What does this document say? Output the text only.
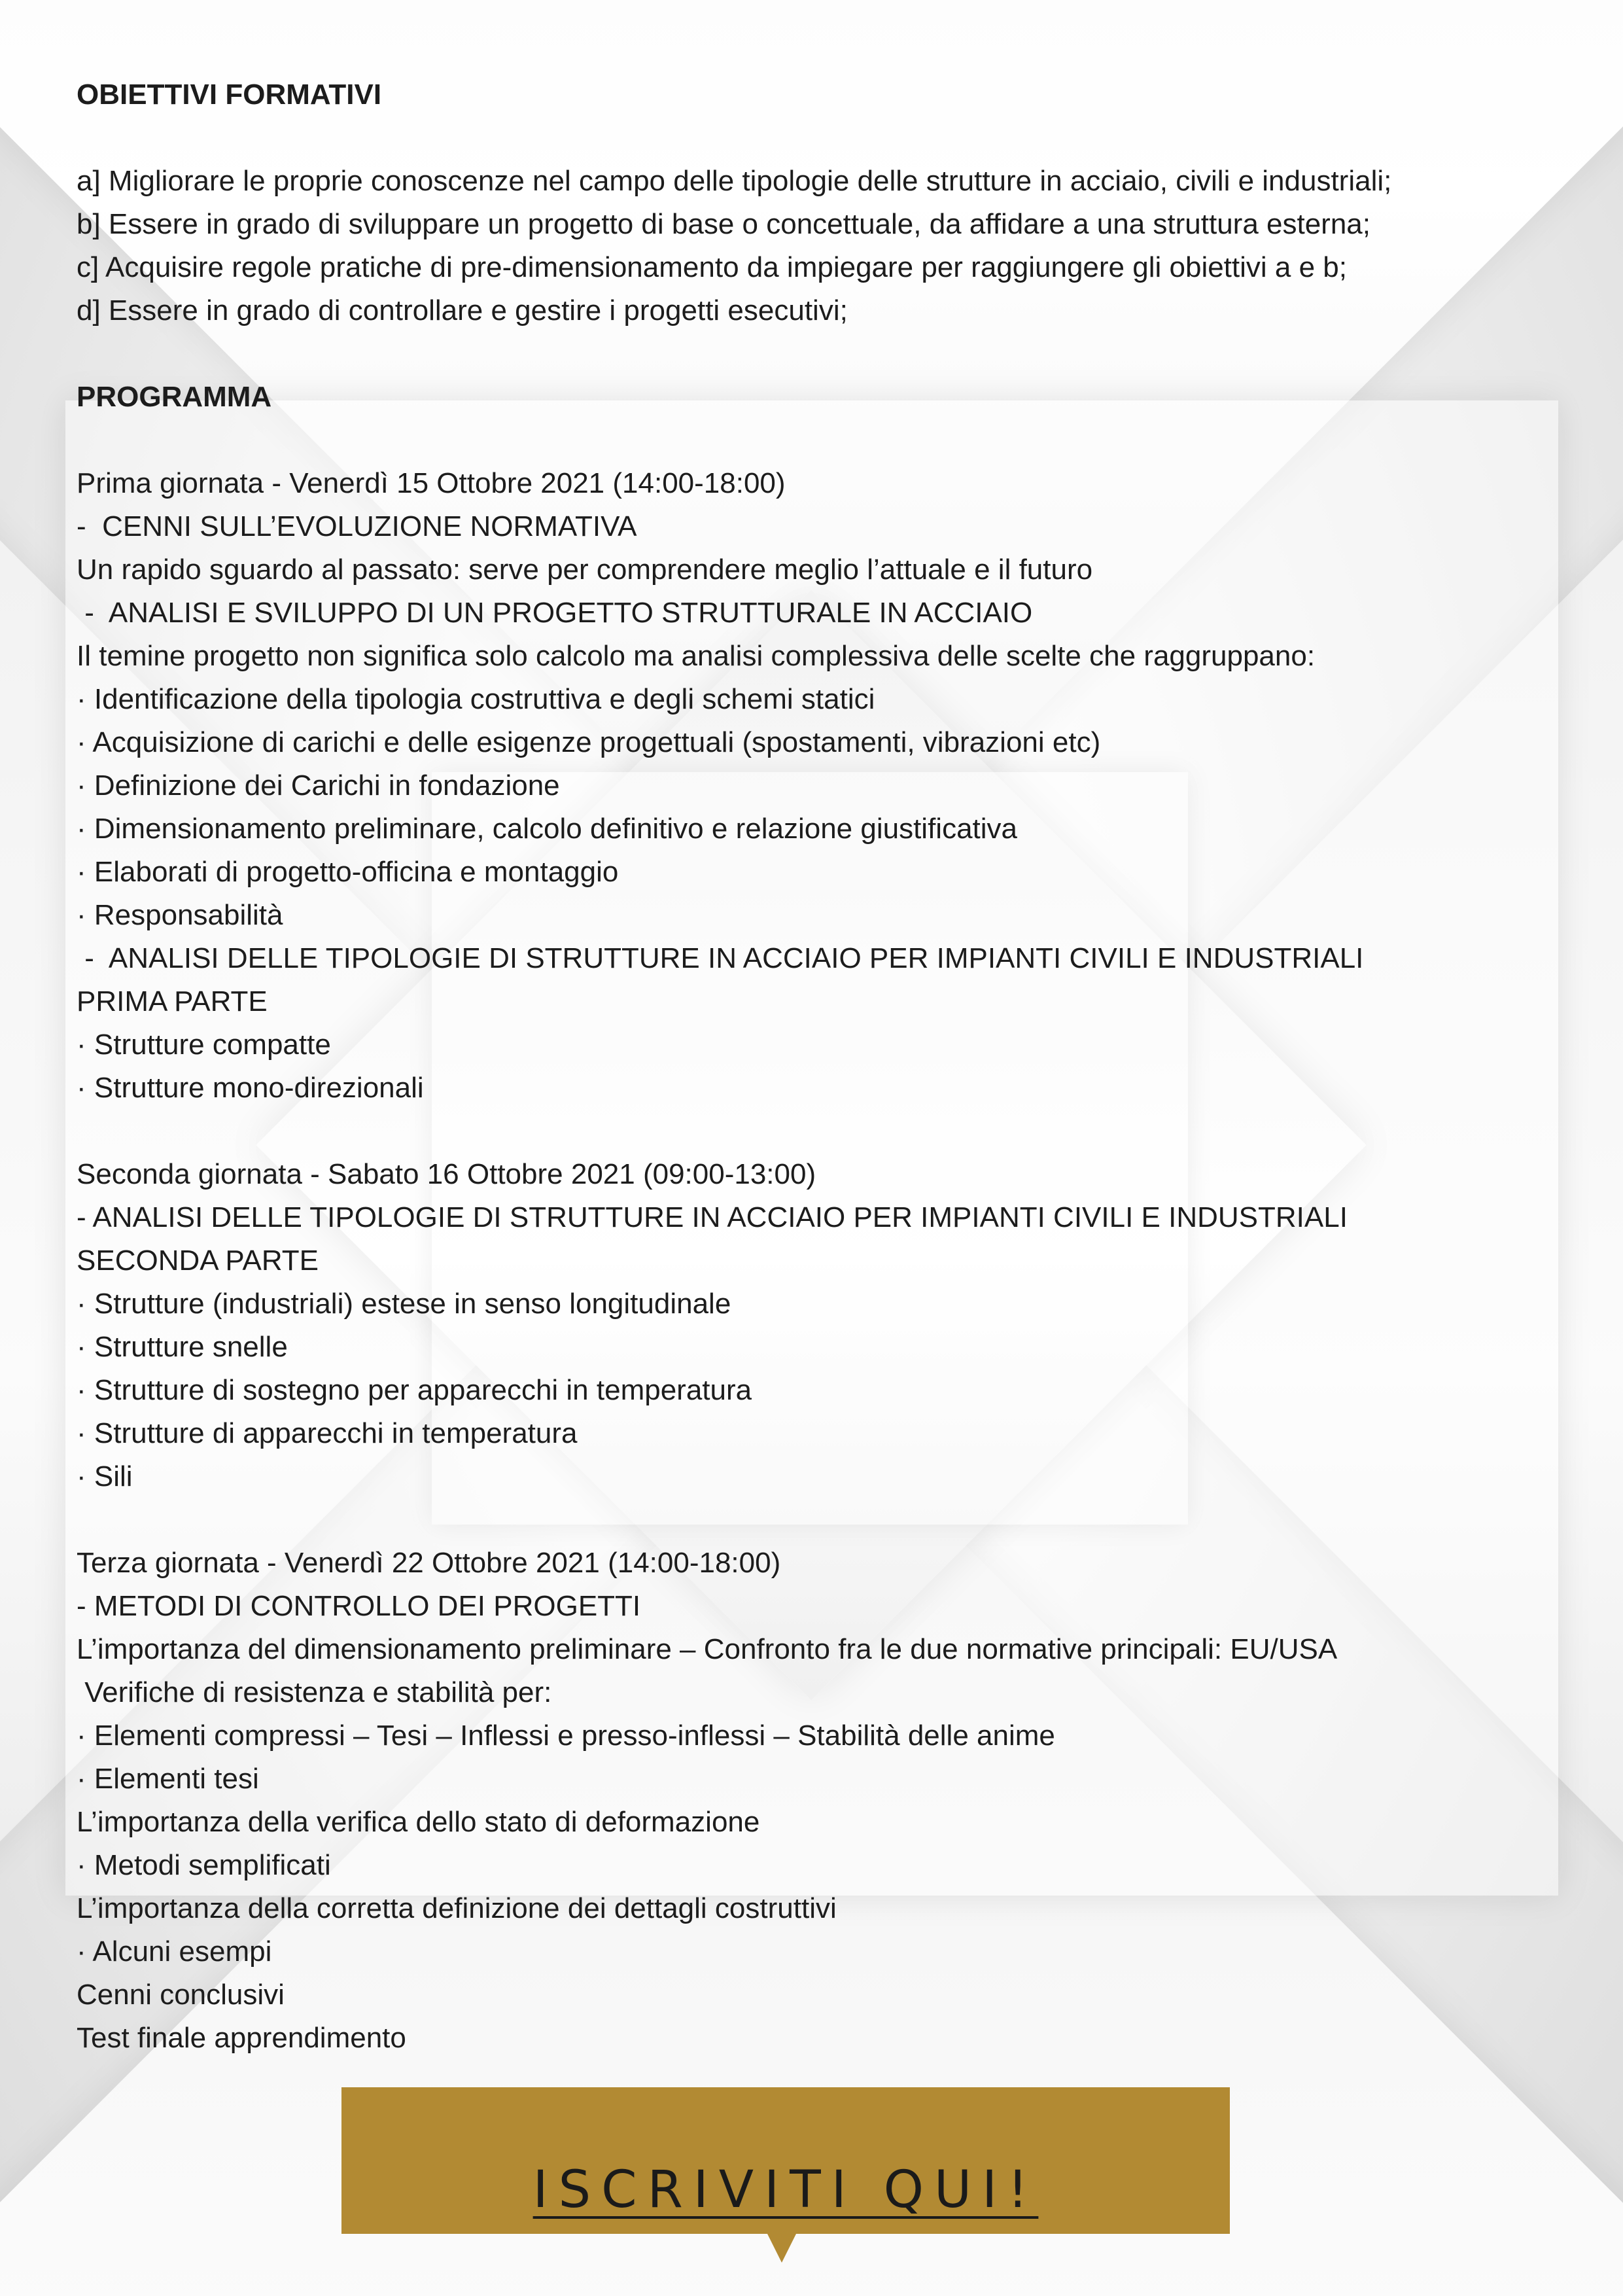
OBIETTIVI FORMATIVI
a] Migliorare le proprie conoscenze nel campo delle tipologie delle strutture in acciaio, civili e industriali;
b] Essere in grado di sviluppare un progetto di base o concettuale, da affidare a una struttura esterna;
c] Acquisire regole pratiche di pre-dimensionamento da impiegare per raggiungere gli obiettivi a e b;
d] Essere in grado di controllare e gestire i progetti esecutivi;
PROGRAMMA
Prima giornata - Venerdì 15 Ottobre 2021 (14:00-18:00)
-  CENNI SULL’EVOLUZIONE NORMATIVA
Un rapido sguardo al passato: serve per comprendere meglio l’attuale e il futuro
-  ANALISI E SVILUPPO DI UN PROGETTO STRUTTURALE IN ACCIAIO
Il temine progetto non significa solo calcolo ma analisi complessiva delle scelte che raggruppano:
· Identificazione della tipologia costruttiva e degli schemi statici
· Acquisizione di carichi e delle esigenze progettuali (spostamenti, vibrazioni etc)
· Definizione dei Carichi in fondazione
· Dimensionamento preliminare, calcolo definitivo e relazione giustificativa
· Elaborati di progetto-officina e montaggio
· Responsabilità
-  ANALISI DELLE TIPOLOGIE DI STRUTTURE IN ACCIAIO PER IMPIANTI CIVILI E INDUSTRIALI
PRIMA PARTE
· Strutture compatte
· Strutture mono-direzionali
Seconda giornata - Sabato 16 Ottobre 2021 (09:00-13:00)
- ANALISI DELLE TIPOLOGIE DI STRUTTURE IN ACCIAIO PER IMPIANTI CIVILI E INDUSTRIALI
SECONDA PARTE
· Strutture (industriali) estese in senso longitudinale
· Strutture snelle
· Strutture di sostegno per apparecchi in temperatura
· Strutture di apparecchi in temperatura
· Sili
Terza giornata - Venerdì 22 Ottobre 2021 (14:00-18:00)
- METODI DI CONTROLLO DEI PROGETTI
L’importanza del dimensionamento preliminare – Confronto fra le due normative principali: EU/USA
Verifiche di resistenza e stabilità per:
· Elementi compressi – Tesi – Inflessi e presso-inflessi – Stabilità delle anime
· Elementi tesi
L’importanza della verifica dello stato di deformazione
· Metodi semplificati
L’importanza della corretta definizione dei dettagli costruttivi
· Alcuni esempi
Cenni conclusivi
Test finale apprendimento
ISCRIVITI QUI!
